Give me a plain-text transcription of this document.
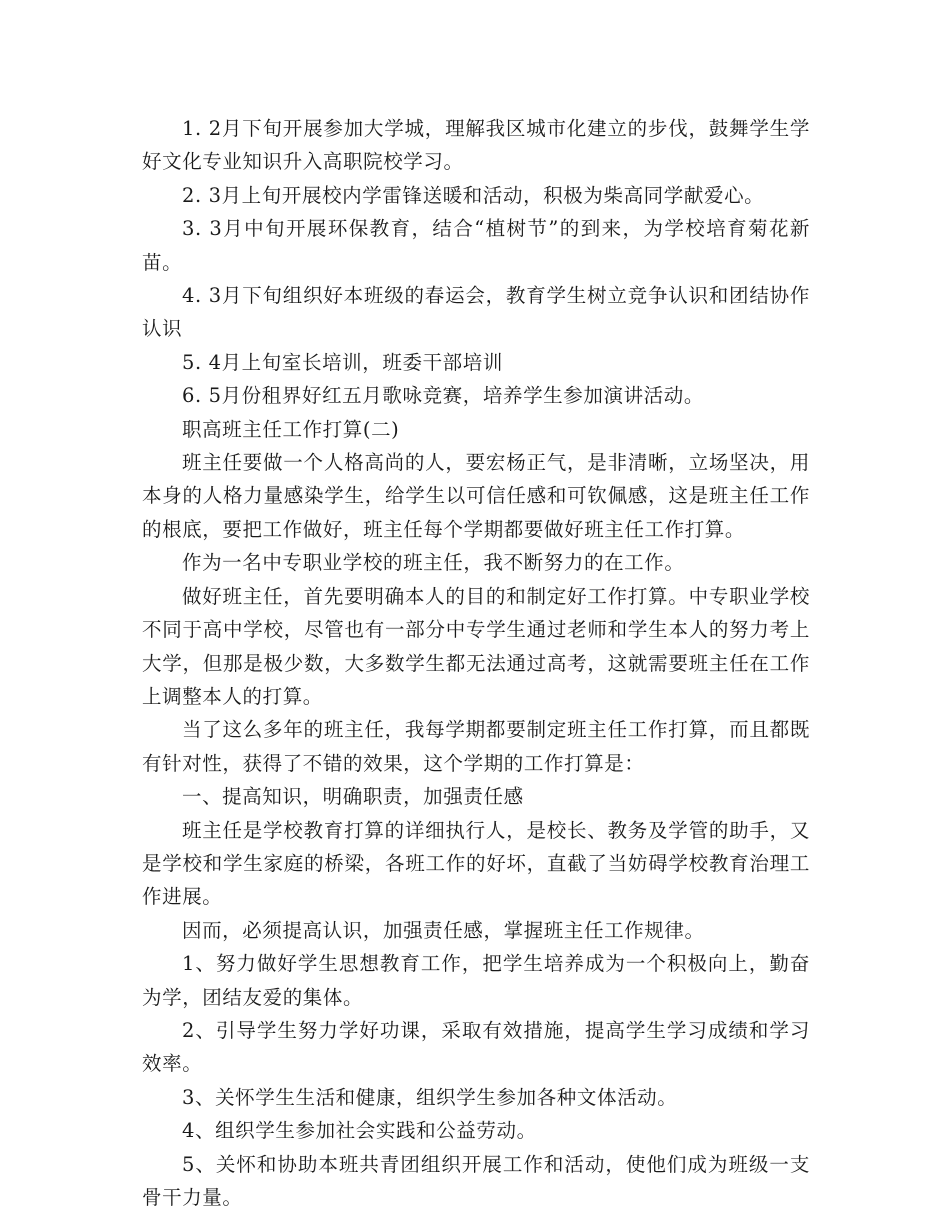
1. 2月下旬开展参加大学城，理解我区城市化建立的步伐，鼓舞学生学好文化专业知识升入高职院校学习。

2. 3月上旬开展校内学雷锋送暖和活动，积极为柴高同学献爱心。

3. 3月中旬开展环保教育，结合“植树节”的到来，为学校培育菊花新苗。

4. 3月下旬组织好本班级的春运会，教育学生树立竞争认识和团结协作认识

5. 4月上旬室长培训，班委干部培训

6. 5月份租界好红五月歌咏竞赛，培养学生参加演讲活动。

职高班主任工作打算(二)

班主任要做一个人格高尚的人，要宏杨正气，是非清晰，立场坚决，用本身的人格力量感染学生，给学生以可信任感和可钦佩感，这是班主任工作的根底，要把工作做好，班主任每个学期都要做好班主任工作打算。

作为一名中专职业学校的班主任，我不断努力的在工作。

做好班主任，首先要明确本人的目的和制定好工作打算。中专职业学校不同于高中学校，尽管也有一部分中专学生通过老师和学生本人的努力考上大学，但那是极少数，大多数学生都无法通过高考，这就需要班主任在工作上调整本人的打算。

当了这么多年的班主任，我每学期都要制定班主任工作打算，而且都既有针对性，获得了不错的效果，这个学期的工作打算是：

一、提高知识，明确职责，加强责任感

班主任是学校教育打算的详细执行人，是校长、教务及学管的助手，又是学校和学生家庭的桥梁，各班工作的好坏，直截了当妨碍学校教育治理工作进展。

因而，必须提高认识，加强责任感，掌握班主任工作规律。

1、努力做好学生思想教育工作，把学生培养成为一个积极向上，勤奋为学，团结友爱的集体。

2、引导学生努力学好功课，采取有效措施，提高学生学习成绩和学习效率。

3、关怀学生生活和健康，组织学生参加各种文体活动。

4、组织学生参加社会实践和公益劳动。

5、关怀和协助本班共青团组织开展工作和活动，使他们成为班级一支骨干力量。
